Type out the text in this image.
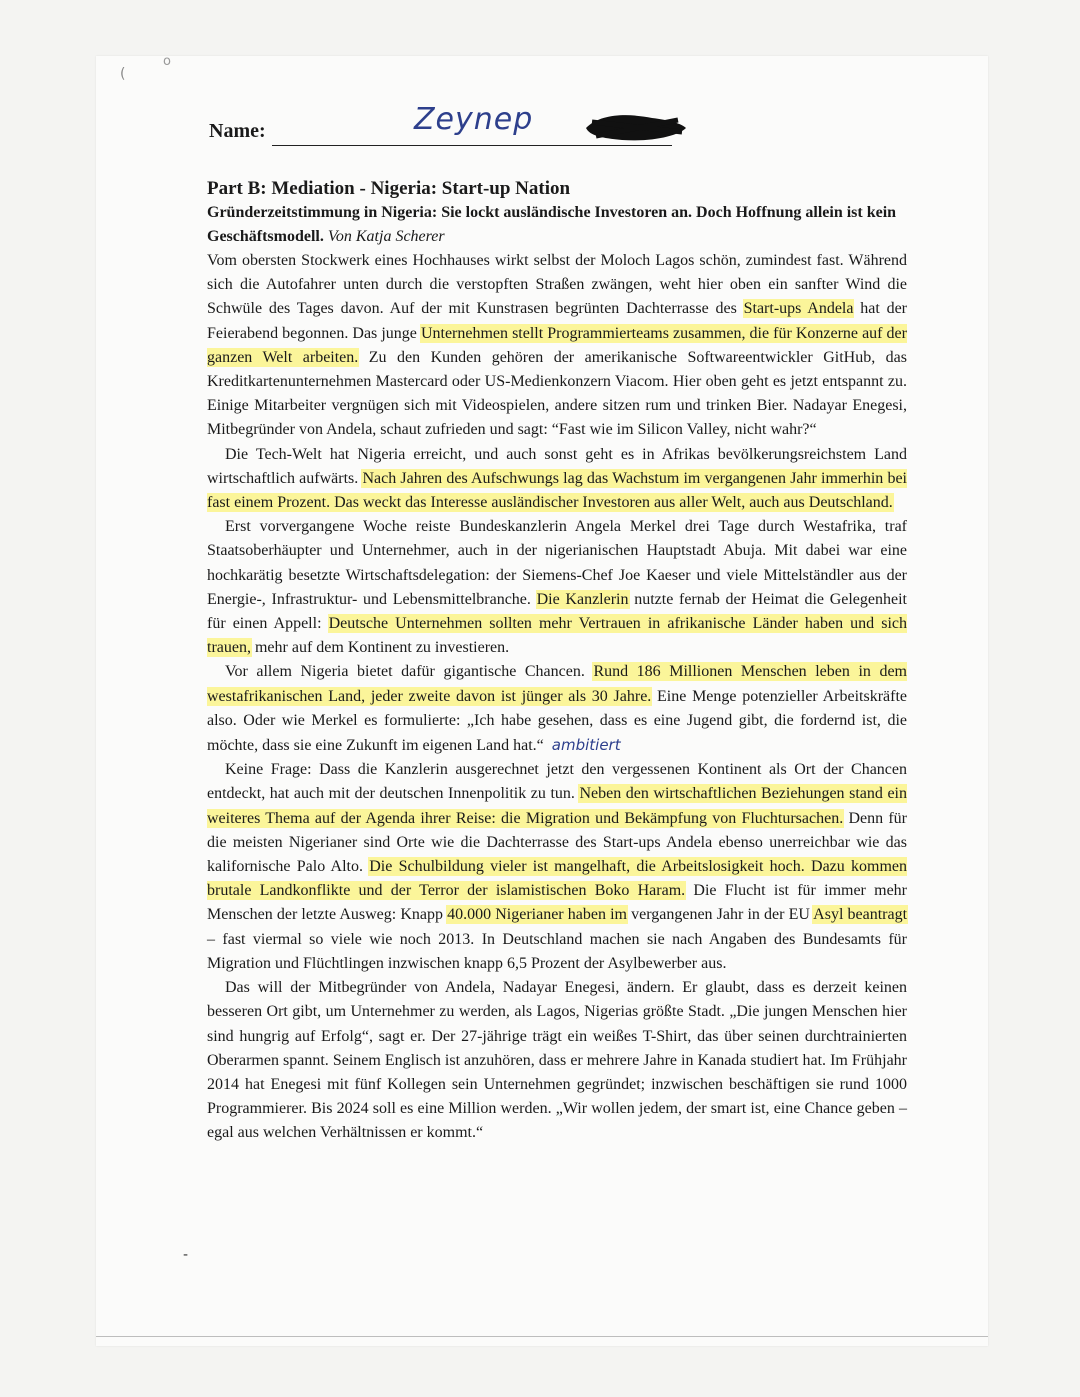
(
o
Name:	Zeynep
Part B: Mediation - Nigeria: Start-up Nation

Gründerzeitstimmung in Nigeria: Sie lockt ausländische Investoren an. Doch Hoffnung allein ist kein Geschäftsmodell. Von Katja Scherer

Vom obersten Stockwerk eines Hochhauses wirkt selbst der Moloch Lagos schön, zumindest fast. Während sich die Autofahrer unten durch die verstopften Straßen zwängen, weht hier oben ein sanfter Wind die Schwüle des Tages davon. Auf der mit Kunstrasen begrünten Dachterrasse des Start-ups Andela hat der Feierabend begonnen. Das junge Unternehmen stellt Programmierteams zusammen, die für Konzerne auf der ganzen Welt arbeiten. Zu den Kunden gehören der amerikanische Softwareentwickler GitHub, das Kreditkartenunternehmen Mastercard oder US-Medienkonzern Viacom. Hier oben geht es jetzt entspannt zu. Einige Mitarbeiter vergnügen sich mit Videospielen, andere sitzen rum und trinken Bier. Nadayar Enegesi, Mitbegründer von Andela, schaut zufrieden und sagt: “Fast wie im Silicon Valley, nicht wahr?“

Die Tech-Welt hat Nigeria erreicht, und auch sonst geht es in Afrikas bevölkerungsreichstem Land wirtschaftlich aufwärts. Nach Jahren des Aufschwungs lag das Wachstum im vergangenen Jahr immerhin bei fast einem Prozent. Das weckt das Interesse ausländischer Investoren aus aller Welt, auch aus Deutschland.

Erst vorvergangene Woche reiste Bundeskanzlerin Angela Merkel drei Tage durch Westafrika, traf Staatsoberhäupter und Unternehmer, auch in der nigerianischen Hauptstadt Abuja. Mit dabei war eine hochkarätig besetzte Wirtschaftsdelegation: der Siemens-Chef Joe Kaeser und viele Mittelständler aus der Energie-, Infrastruktur- und Lebensmittelbranche. Die Kanzlerin nutzte fernab der Heimat die Gelegenheit für einen Appell: Deutsche Unternehmen sollten mehr Vertrauen in afrikanische Länder haben und sich trauen, mehr auf dem Kontinent zu investieren.

Vor allem Nigeria bietet dafür gigantische Chancen. Rund 186 Millionen Menschen leben in dem westafrikanischen Land, jeder zweite davon ist jünger als 30 Jahre. Eine Menge potenzieller Arbeitskräfte also. Oder wie Merkel es formulierte: „Ich habe gesehen, dass es eine Jugend gibt, die fordernd ist, die möchte, dass sie eine Zukunft im eigenen Land hat.“ ambitiert

Keine Frage: Dass die Kanzlerin ausgerechnet jetzt den vergessenen Kontinent als Ort der Chancen entdeckt, hat auch mit der deutschen Innenpolitik zu tun. Neben den wirtschaftlichen Beziehungen stand ein weiteres Thema auf der Agenda ihrer Reise: die Migration und Bekämpfung von Fluchtursachen. Denn für die meisten Nigerianer sind Orte wie die Dachterrasse des Start-ups Andela ebenso unerreichbar wie das kalifornische Palo Alto. Die Schulbildung vieler ist mangelhaft, die Arbeitslosigkeit hoch. Dazu kommen brutale Landkonflikte und der Terror der islamistischen Boko Haram. Die Flucht ist für immer mehr Menschen der letzte Ausweg: Knapp 40.000 Nigerianer haben im vergangenen Jahr in der EU Asyl beantragt – fast viermal so viele wie noch 2013. In Deutschland machen sie nach Angaben des Bundesamts für Migration und Flüchtlingen inzwischen knapp 6,5 Prozent der Asylbewerber aus.

Das will der Mitbegründer von Andela, Nadayar Enegesi, ändern. Er glaubt, dass es derzeit keinen besseren Ort gibt, um Unternehmer zu werden, als Lagos, Nigerias größte Stadt. „Die jungen Menschen hier sind hungrig auf Erfolg“, sagt er. Der 27-jährige trägt ein weißes T-Shirt, das über seinen durchtrainierten Oberarmen spannt. Seinem Englisch ist anzuhören, dass er mehrere Jahre in Kanada studiert hat. Im Frühjahr 2014 hat Enegesi mit fünf Kollegen sein Unternehmen gegründet; inzwischen beschäftigen sie rund 1000 Programmierer. Bis 2024 soll es eine Million werden. „Wir wollen jedem, der smart ist, eine Chance geben – egal aus welchen Verhältnissen er kommt.“

-
